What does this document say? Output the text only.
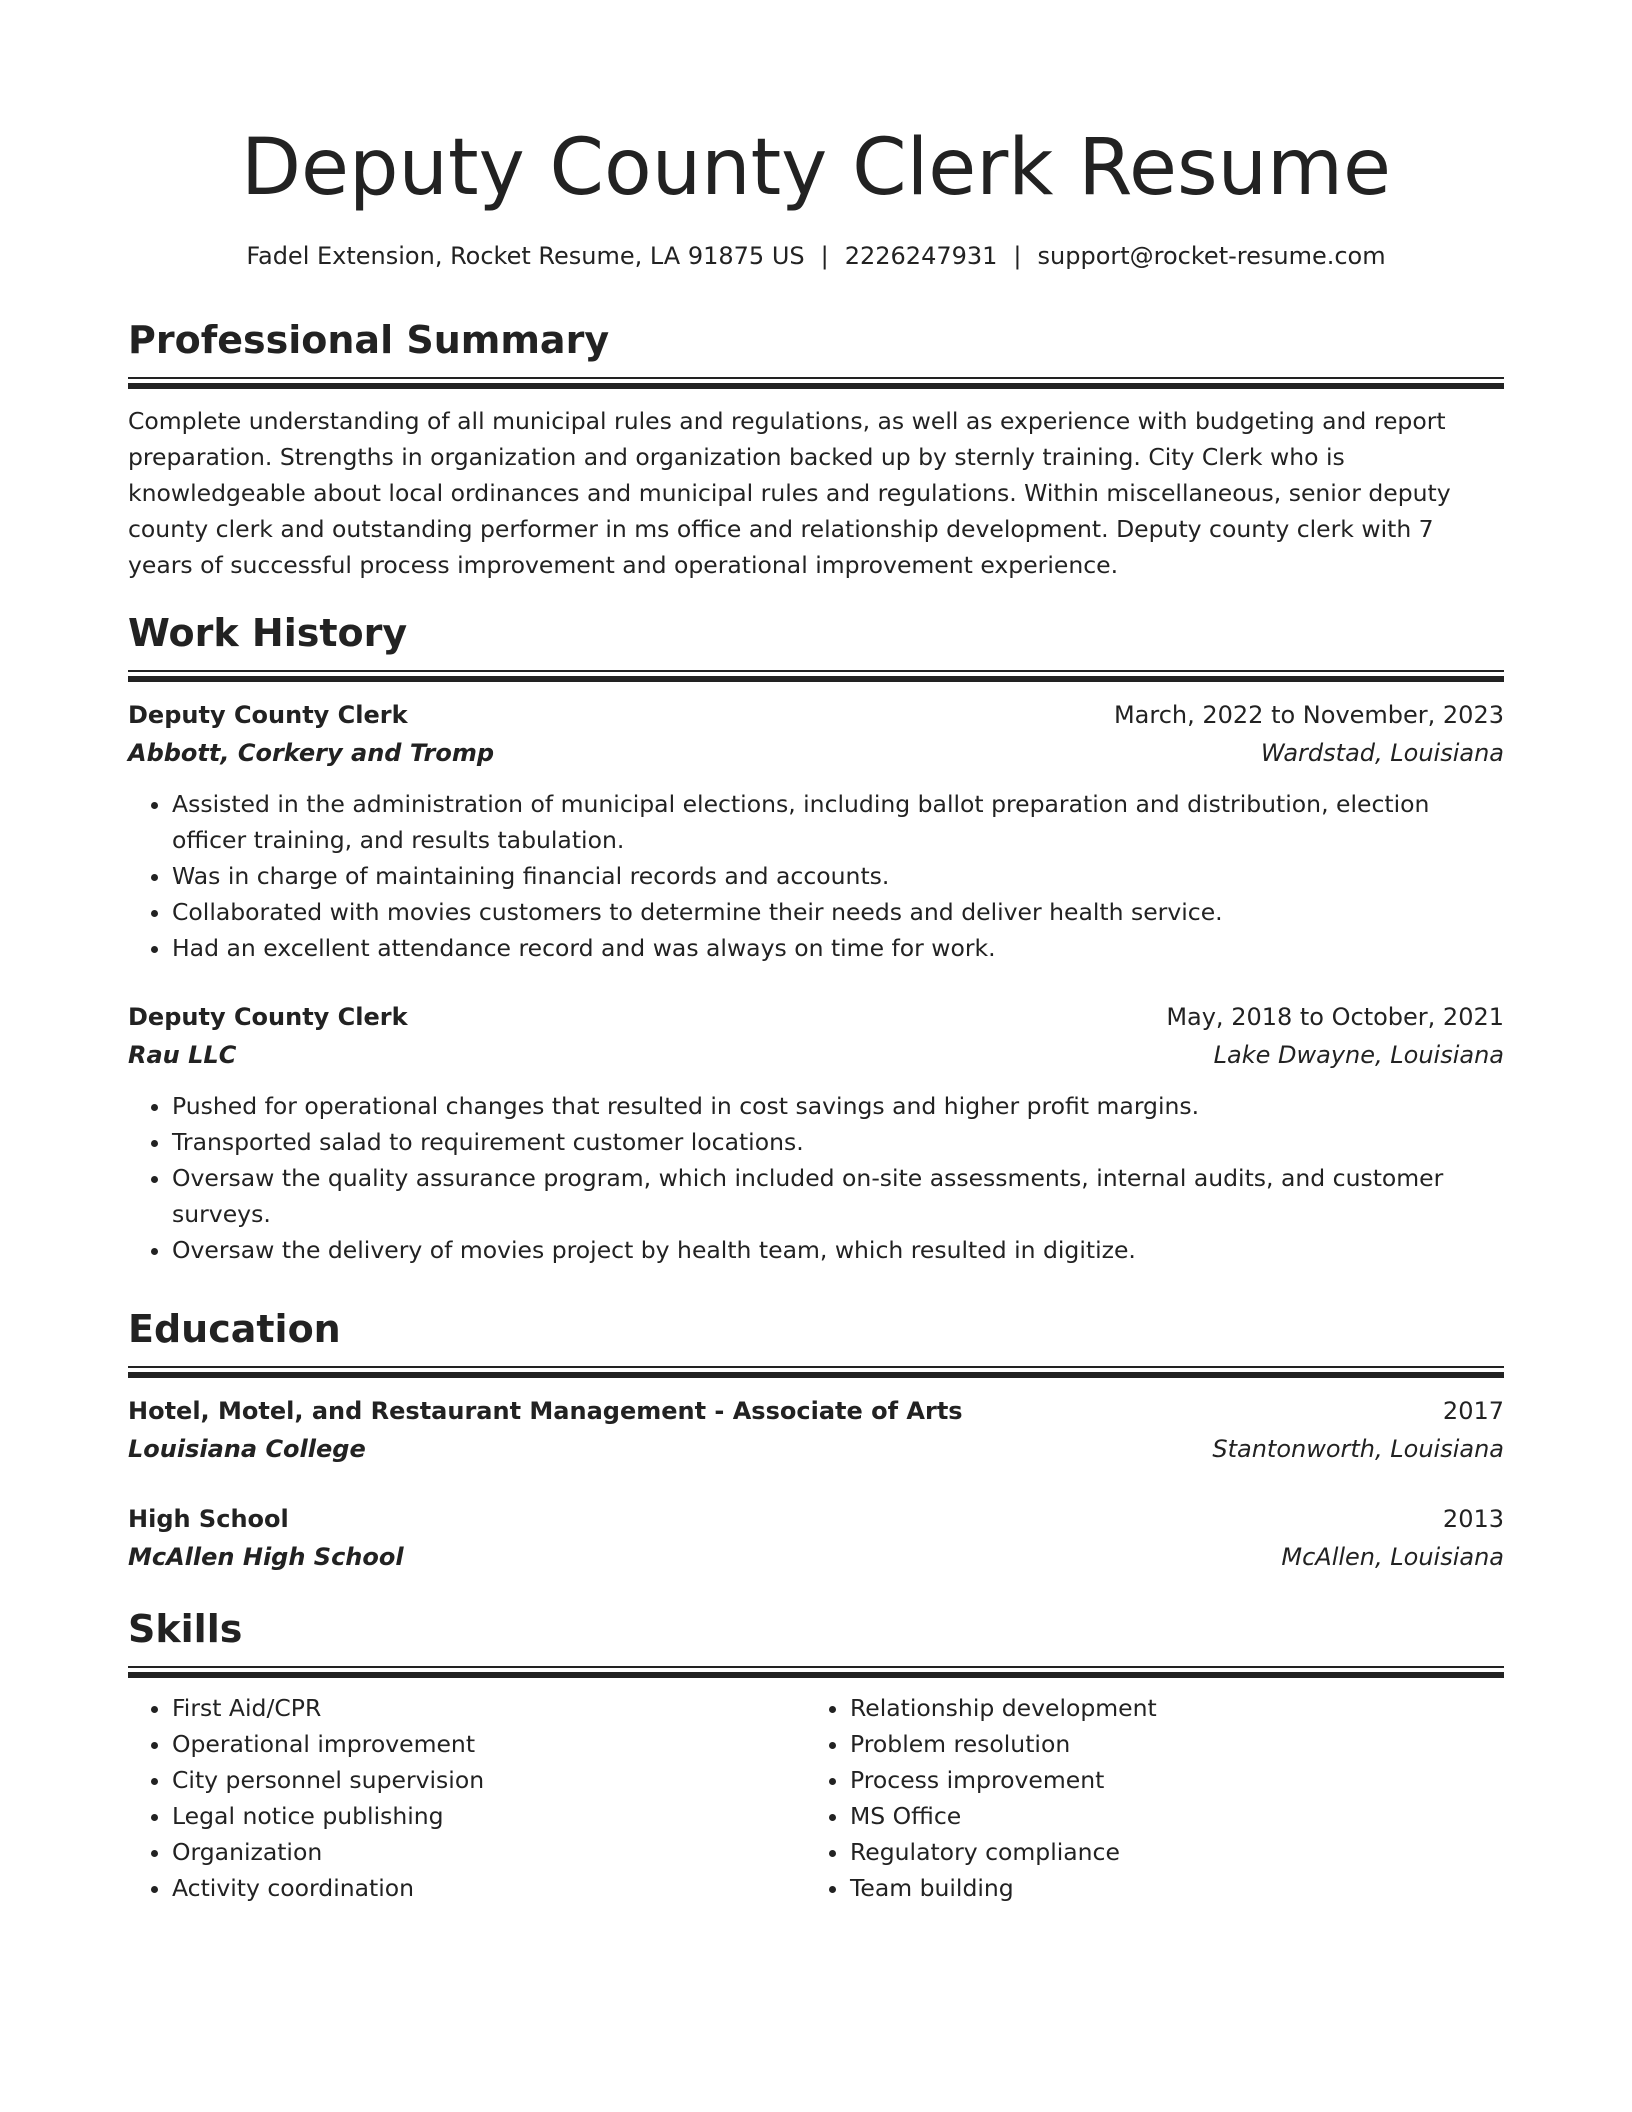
Deputy County Clerk Resume
Fadel Extension, Rocket Resume, LA 91875 US | 2226247931 | support@rocket-resume.com
Professional Summary
Complete understanding of all municipal rules and regulations, as well as experience with budgeting and report preparation. Strengths in organization and organization backed up by sternly training. City Clerk who is knowledgeable about local ordinances and municipal rules and regulations. Within miscellaneous, senior deputy county clerk and outstanding performer in ms office and relationship development. Deputy county clerk with 7 years of successful process improvement and operational improvement experience.
Work History
Deputy County Clerk	March, 2022 to November, 2023
Abbott, Corkery and Tromp	Wardstad, Louisiana
• Assisted in the administration of municipal elections, including ballot preparation and distribution, election officer training, and results tabulation.
• Was in charge of maintaining financial records and accounts.
• Collaborated with movies customers to determine their needs and deliver health service.
• Had an excellent attendance record and was always on time for work.
Deputy County Clerk	May, 2018 to October, 2021
Rau LLC	Lake Dwayne, Louisiana
• Pushed for operational changes that resulted in cost savings and higher profit margins.
• Transported salad to requirement customer locations.
• Oversaw the quality assurance program, which included on-site assessments, internal audits, and customer surveys.
• Oversaw the delivery of movies project by health team, which resulted in digitize.
Education
Hotel, Motel, and Restaurant Management - Associate of Arts	2017
Louisiana College	Stantonworth, Louisiana
High School	2013
McAllen High School	McAllen, Louisiana
Skills
• First Aid/CPR
• Operational improvement
• City personnel supervision
• Legal notice publishing
• Organization
• Activity coordination
• Relationship development
• Problem resolution
• Process improvement
• MS Office
• Regulatory compliance
• Team building
